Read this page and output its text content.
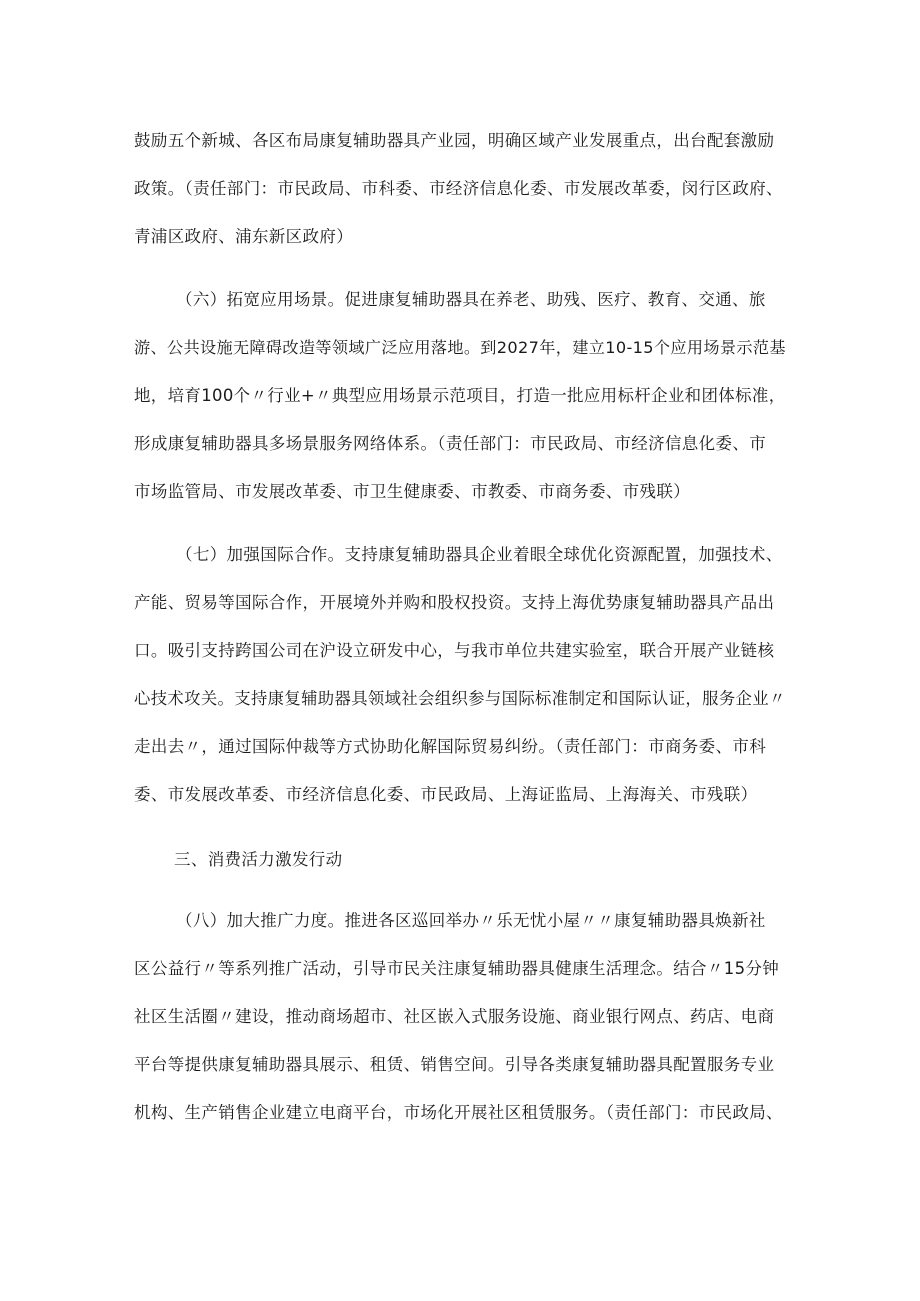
鼓励五个新城、各区布局康复辅助器具产业园，明确区域产业发展重点，出台配套激励
政策。（责任部门：市民政局、市科委、市经济信息化委、市发展改革委，闵行区政府、
青浦区政府、浦东新区政府）
（六）拓宽应用场景。促进康复辅助器具在养老、助残、医疗、教育、交通、旅
游、公共设施无障碍改造等领域广泛应用落地。到2027年，建立10-15个应用场景示范基
地，培育100个〃行业+〃典型应用场景示范项目，打造一批应用标杆企业和团体标准，
形成康复辅助器具多场景服务网络体系。（责任部门：市民政局、市经济信息化委、市
市场监管局、市发展改革委、市卫生健康委、市教委、市商务委、市残联）
（七）加强国际合作。支持康复辅助器具企业着眼全球优化资源配置，加强技术、
产能、贸易等国际合作，开展境外并购和股权投资。支持上海优势康复辅助器具产品出
口。吸引支持跨国公司在沪设立研发中心，与我市单位共建实验室，联合开展产业链核
心技术攻关。支持康复辅助器具领域社会组织参与国际标准制定和国际认证，服务企业〃
走出去〃，通过国际仲裁等方式协助化解国际贸易纠纷。（责任部门：市商务委、市科
委、市发展改革委、市经济信息化委、市民政局、上海证监局、上海海关、市残联）
三、消费活力激发行动
（八）加大推广力度。推进各区巡回举办〃乐无忧小屋〃〃康复辅助器具焕新社
区公益行〃等系列推广活动，引导市民关注康复辅助器具健康生活理念。结合〃15分钟
社区生活圈〃建设，推动商场超市、社区嵌入式服务设施、商业银行网点、药店、电商
平台等提供康复辅助器具展示、租赁、销售空间。引导各类康复辅助器具配置服务专业
机构、生产销售企业建立电商平台，市场化开展社区租赁服务。（责任部门：市民政局、
